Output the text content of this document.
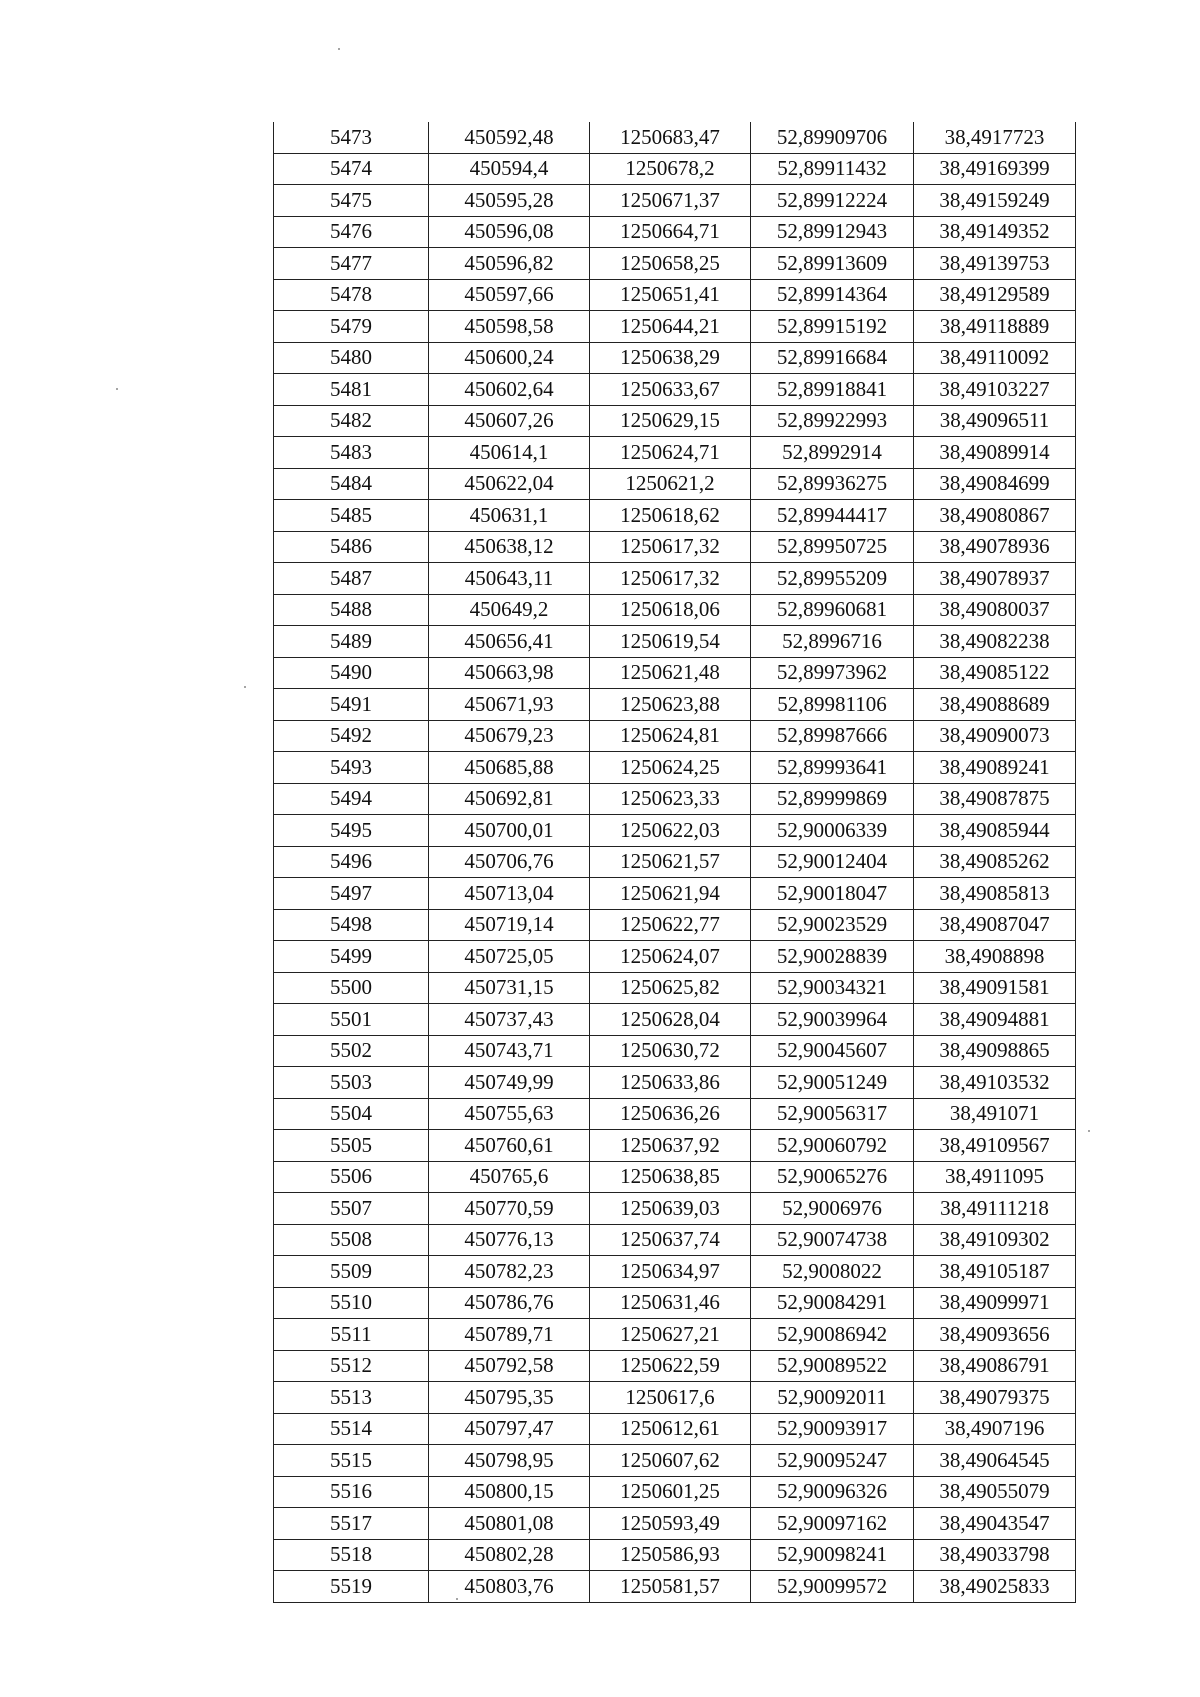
5473	450592,48	1250683,47	52,89909706	38,4917723
5474	450594,4	1250678,2	52,89911432	38,49169399
5475	450595,28	1250671,37	52,89912224	38,49159249
5476	450596,08	1250664,71	52,89912943	38,49149352
5477	450596,82	1250658,25	52,89913609	38,49139753
5478	450597,66	1250651,41	52,89914364	38,49129589
5479	450598,58	1250644,21	52,89915192	38,49118889
5480	450600,24	1250638,29	52,89916684	38,49110092
5481	450602,64	1250633,67	52,89918841	38,49103227
5482	450607,26	1250629,15	52,89922993	38,49096511
5483	450614,1	1250624,71	52,8992914	38,49089914
5484	450622,04	1250621,2	52,89936275	38,49084699
5485	450631,1	1250618,62	52,89944417	38,49080867
5486	450638,12	1250617,32	52,89950725	38,49078936
5487	450643,11	1250617,32	52,89955209	38,49078937
5488	450649,2	1250618,06	52,89960681	38,49080037
5489	450656,41	1250619,54	52,8996716	38,49082238
5490	450663,98	1250621,48	52,89973962	38,49085122
5491	450671,93	1250623,88	52,89981106	38,49088689
5492	450679,23	1250624,81	52,89987666	38,49090073
5493	450685,88	1250624,25	52,89993641	38,49089241
5494	450692,81	1250623,33	52,89999869	38,49087875
5495	450700,01	1250622,03	52,90006339	38,49085944
5496	450706,76	1250621,57	52,90012404	38,49085262
5497	450713,04	1250621,94	52,90018047	38,49085813
5498	450719,14	1250622,77	52,90023529	38,49087047
5499	450725,05	1250624,07	52,90028839	38,4908898
5500	450731,15	1250625,82	52,90034321	38,49091581
5501	450737,43	1250628,04	52,90039964	38,49094881
5502	450743,71	1250630,72	52,90045607	38,49098865
5503	450749,99	1250633,86	52,90051249	38,49103532
5504	450755,63	1250636,26	52,90056317	38,491071
5505	450760,61	1250637,92	52,90060792	38,49109567
5506	450765,6	1250638,85	52,90065276	38,4911095
5507	450770,59	1250639,03	52,9006976	38,49111218
5508	450776,13	1250637,74	52,90074738	38,49109302
5509	450782,23	1250634,97	52,9008022	38,49105187
5510	450786,76	1250631,46	52,90084291	38,49099971
5511	450789,71	1250627,21	52,90086942	38,49093656
5512	450792,58	1250622,59	52,90089522	38,49086791
5513	450795,35	1250617,6	52,90092011	38,49079375
5514	450797,47	1250612,61	52,90093917	38,4907196
5515	450798,95	1250607,62	52,90095247	38,49064545
5516	450800,15	1250601,25	52,90096326	38,49055079
5517	450801,08	1250593,49	52,90097162	38,49043547
5518	450802,28	1250586,93	52,90098241	38,49033798
5519	450803,76	1250581,57	52,90099572	38,49025833
